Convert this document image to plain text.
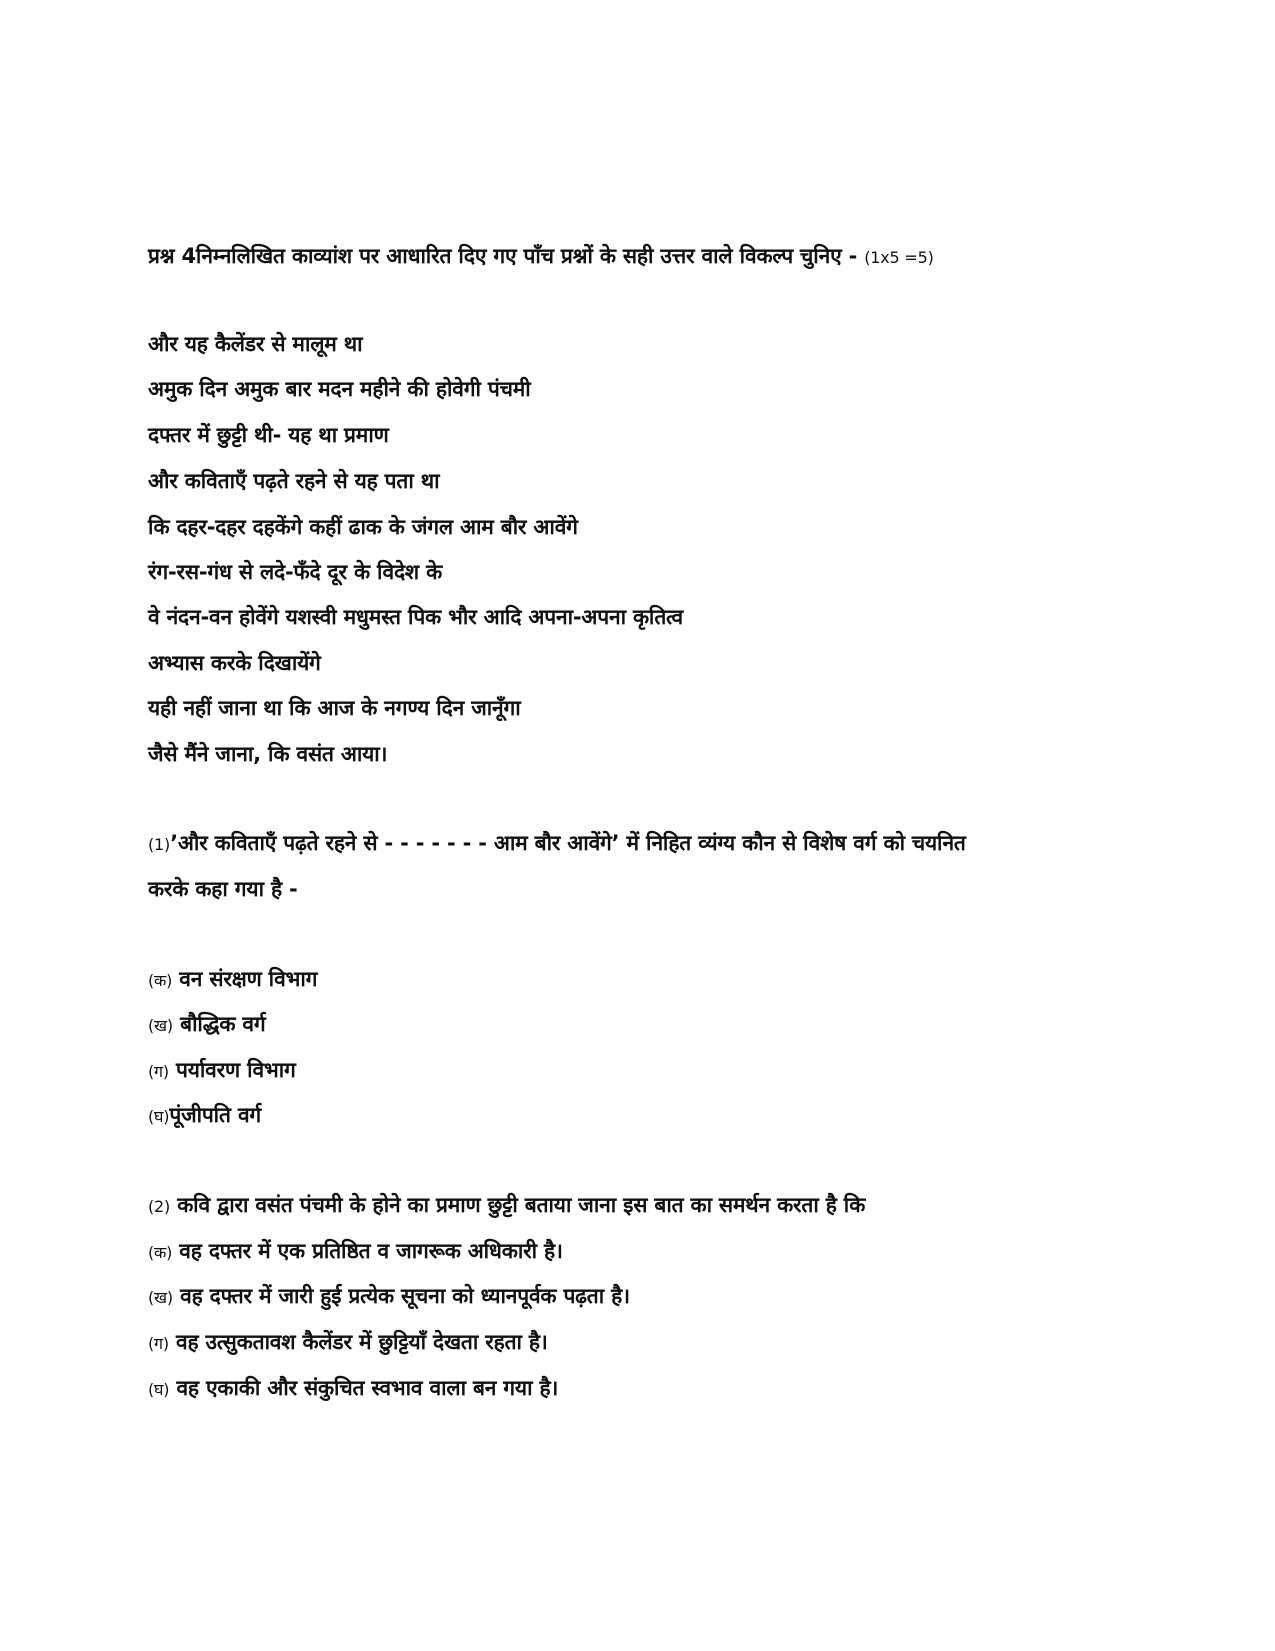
प्रश्न 4निम्नलिखित काव्यांश पर आधारित दिए गए पाँच प्रश्नों के सही उत्तर वाले विकल्प चुनिए - (1x5 =5)
और यह कैलेंडर से मालूम था
अमुक दिन अमुक बार मदन महीने की होवेगी पंचमी
दफ्तर में छुट्टी थी- यह था प्रमाण
और कविताएँ पढ़ते रहने से यह पता था
कि दहर-दहर दहकेंगे कहीं ढाक के जंगल आम बौर आवेंगे
रंग-रस-गंध से लदे-फँदे दूर के विदेश के
वे नंदन-वन होवेंगे यशस्वी मधुमस्त पिक भौर आदि अपना-अपना कृतित्व
अभ्यास करके दिखायेंगे
यही नहीं जाना था कि आज के नगण्य दिन जानूँगा
जैसे मैंने जाना, कि वसंत आया।
(1)’और कविताएँ पढ़ते रहने से - - - - - - - आम बौर आवेंगे’ में निहित व्यंग्य कौन से विशेष वर्ग को चयनित
करके कहा गया है -
(क) वन संरक्षण विभाग
(ख) बौद्धिक वर्ग
(ग) पर्यावरण विभाग
(घ)पूंजीपति वर्ग
(2) कवि द्वारा वसंत पंचमी के होने का प्रमाण छुट्टी बताया जाना इस बात का समर्थन करता है कि
(क) वह दफ्तर में एक प्रतिष्ठित व जागरूक अधिकारी है।
(ख) वह दफ्तर में जारी हुई प्रत्येक सूचना को ध्यानपूर्वक पढ़ता है।
(ग) वह उत्सुकतावश कैलेंडर में छुट्टियाँ देखता रहता है।
(घ) वह एकाकी और संकुचित स्वभाव वाला बन गया है।
